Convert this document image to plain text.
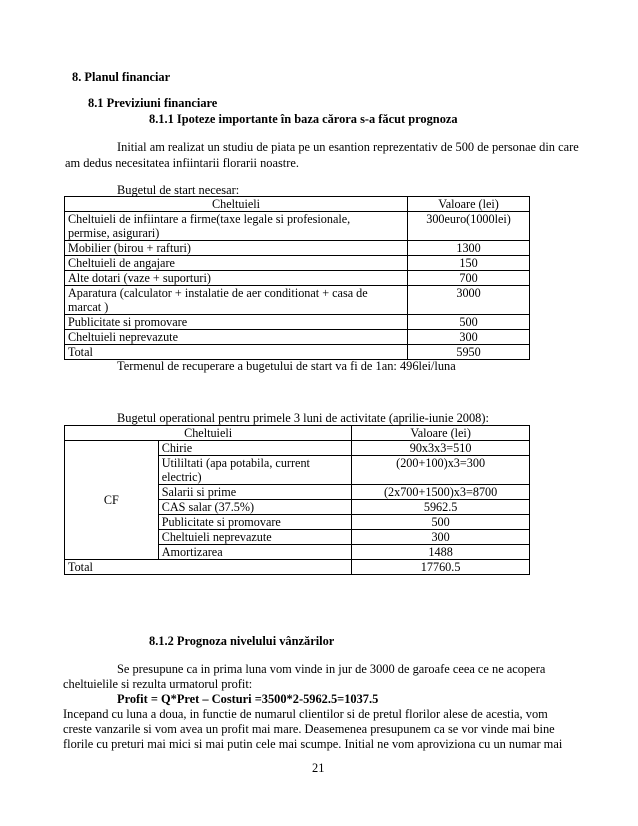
8. Planul financiar
8.1 Previziuni financiare
8.1.1 Ipoteze importante în baza cărora s-a făcut prognoza
Initial am realizat un studiu de piata pe un esantion reprezentativ de 500 de personae din care
am dedus necesitatea infiintarii florarii noastre.
Bugetul de start necesar:
Cheltuieli	Valoare (lei)
Cheltuieli de infiintare a firme(taxe legale si profesionale,
permise, asigurari)	300euro(1000lei)
Mobilier (birou + rafturi)	1300
Cheltuieli de angajare	150
Alte dotari (vaze + suporturi)	700
Aparatura (calculator + instalatie de aer conditionat + casa de
marcat )	3000
Publicitate si promovare	500
Cheltuieli neprevazute	300
Total	5950
Termenul de recuperare a bugetului de start va fi de 1an: 496lei/luna
Bugetul operational pentru primele 3 luni de activitate (aprilie-iunie 2008):
Cheltuieli		Valoare (lei)
CF	Chirie	90x3x3=510
	Utililtati (apa potabila, current
electric)	(200+100)x3=300
	Salarii si prime	(2x700+1500)x3=8700
	CAS salar (37.5%)	5962.5
	Publicitate si promovare	500
	Cheltuieli neprevazute	300
	Amortizarea	1488
Total		17760.5
8.1.2 Prognoza nivelului vânzărilor
Se presupune ca in prima luna vom vinde in jur de 3000 de garoafe ceea ce ne acopera
cheltuielile si rezulta urmatorul profit:
Profit = Q*Pret – Costuri =3500*2-5962.5=1037.5
Incepand cu luna a doua, in functie de numarul clientilor si de pretul florilor alese de acestia, vom
creste vanzarile si vom avea un profit mai mare. Deasemenea presupunem ca se vor vinde mai bine
florile cu preturi mai mici si mai putin cele mai scumpe. Initial ne vom aproviziona cu un numar mai
21
